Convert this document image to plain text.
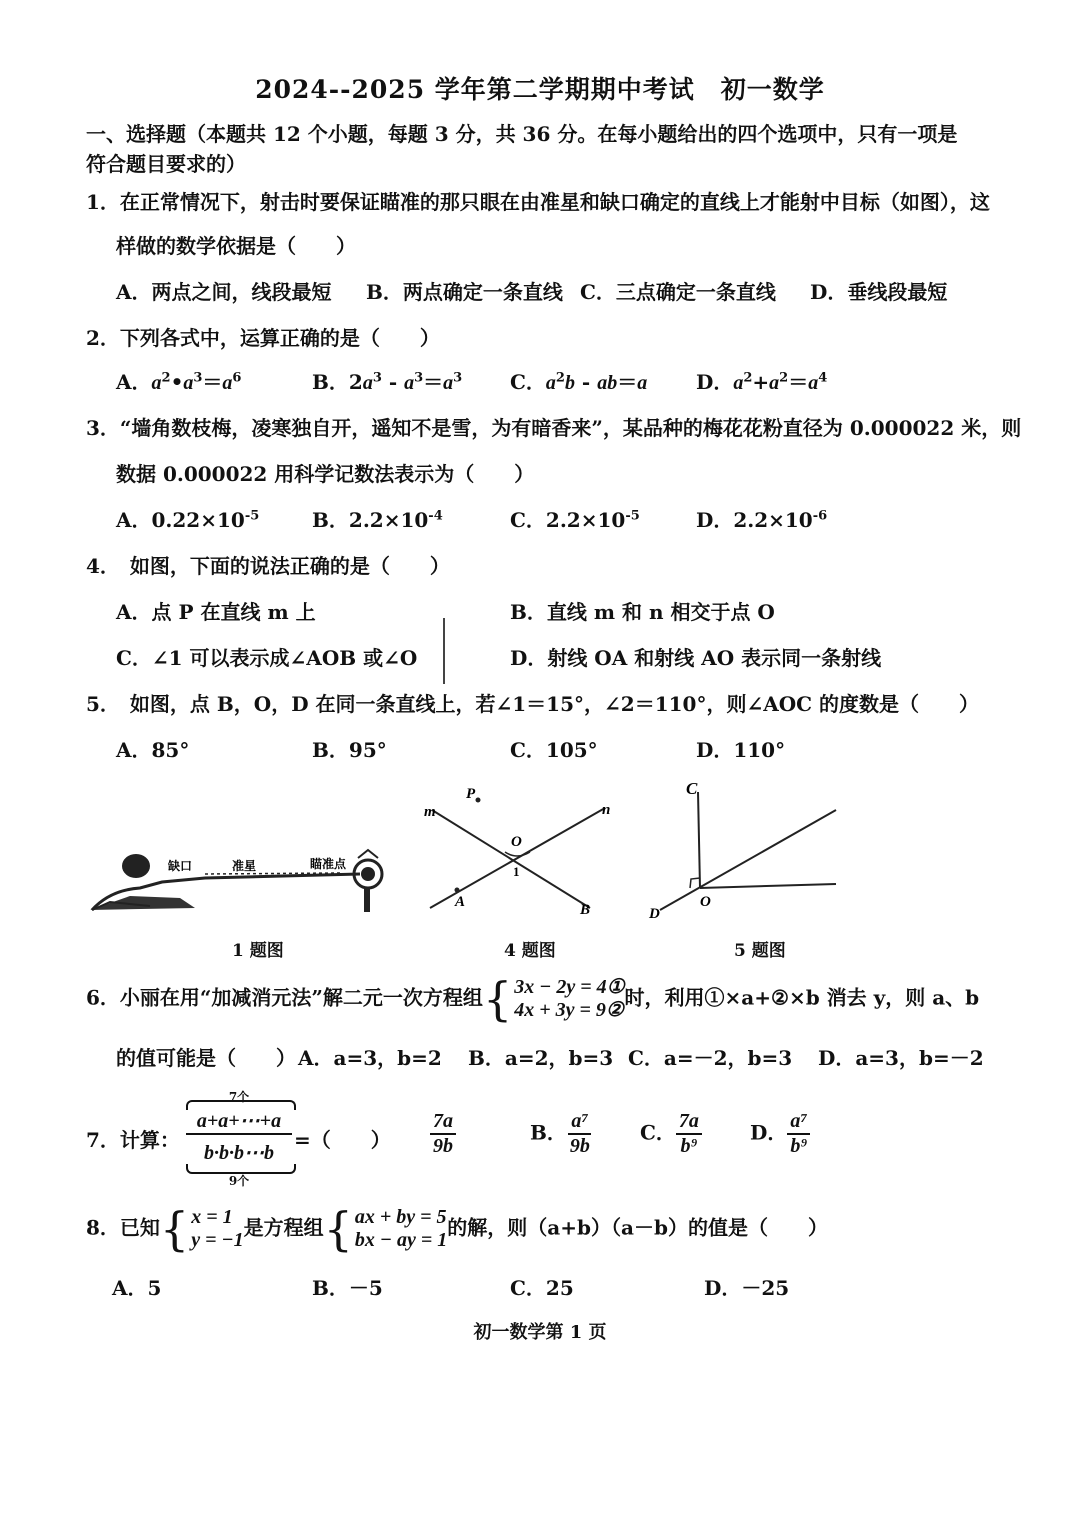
2024--2025 学年第二学期期中考试　初一数学
一、选择题（本题共 12 个小题，每题 3 分，共 36 分。在每小题给出的四个选项中，只有一项是
符合题目要求的）
1．在正常情况下，射击时要保证瞄准的那只眼在由准星和缺口确定的直线上才能射中目标（如图），这
样做的数学依据是（　　）
A．两点之间，线段最短 B．两点确定一条直线 C．三点确定一条直线 D．垂线段最短
2．下列各式中，运算正确的是（　　）
A．$a^2•a^3=a^6$	B．$2a^3 - a^3=a^3$ C．$a^2b - ab=a$ D．$a^2+a^2=a^4$
3．“墙角数枝梅，凌寒独自开，遥知不是雪，为有暗香来”，某品种的梅花花粉直径为 0.000022 米，则
数据 0.000022 用科学记数法表示为（　　）
A．$0.22\times 10^{-5}$	B．$2.2\times 10^{-4}$	C．$2.2\times 10^{-5}$	D．$2.2\times 10^{-6}$
4．　如图，下面的说法正确的是（　　）
A．点 P 在直线 m 上	B．直线 m 和 n 相交于点 O
C．∠1 可以表示成∠AOB 或∠O	D．射线 OA 和射线 AO 表示同一条射线
5．　如图，点 B，O，D 在同一条直线上，若∠1＝15°，∠2＝110°，则∠AOC 的度数是（　　）
A．85°	B．95°	C．105°	D．110°
缺口	准星	瞄准点
m	n
P
O
1
A	B
C
D
O
1 题图	4 题图	5 题图
6．小丽在用“加减消元法”解二元一次方程组{ 3x − 2y = 4①
4x + 3y = 9②
时，利用①×a+②×b 消去 y，则 a、b
的值可能是（　　） A．a=3，b=2 B．a=2，b=3 C．a=－2，b=3 D．a=3，b=－2
7．计算：
7个
a+a+⋯+a
b·b·b⋯b
9个
=（　　） $\frac{7a}{9b}$	B． $\frac{\text{a⁷}}{9b}$ C． $\frac{7a}{\text{b⁹}}$ D． $\frac{\text{a⁷}}{\text{b⁹}}$
8．已知{ x = 1
y = −1
是方程组{ ax + by = 5
bx − ay = 1
的解，则（a+b）（a－b）的值是（　　）
A．5	B．－5	C．25	D．－25
初一数学第 1 页
